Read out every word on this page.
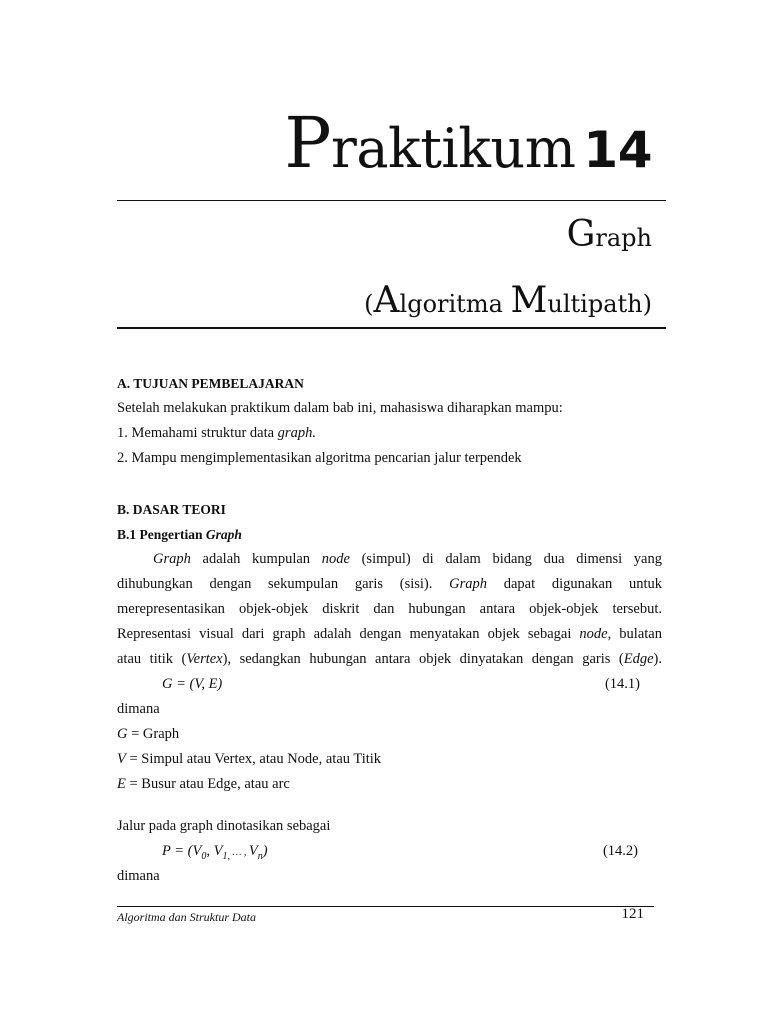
Praktikum 14
Graph
(Algoritma Multipath)
A. TUJUAN PEMBELAJARAN
Setelah melakukan praktikum dalam bab ini, mahasiswa diharapkan mampu:
1. Memahami struktur data graph.
2. Mampu mengimplementasikan algoritma pencarian jalur terpendek
B. DASAR TEORI
B.1 Pengertian Graph
Graph adalah kumpulan node (simpul) di dalam bidang dua dimensi yang
dihubungkan dengan sekumpulan garis (sisi). Graph dapat digunakan untuk
merepresentasikan objek-objek diskrit dan hubungan antara objek-objek tersebut.
Representasi visual dari graph adalah dengan menyatakan objek sebagai node, bulatan
atau titik (Vertex), sedangkan hubungan antara objek dinyatakan dengan garis (Edge).
G = (V, E)	(14.1)
dimana
G = Graph
V = Simpul atau Vertex, atau Node, atau Titik
E = Busur atau Edge, atau arc
Jalur pada graph dinotasikan sebagai
$P = (V_0$, $V_{1,}$ … , $V_n$)	(14.2)
dimana
Algoritma dan Struktur Data	121
